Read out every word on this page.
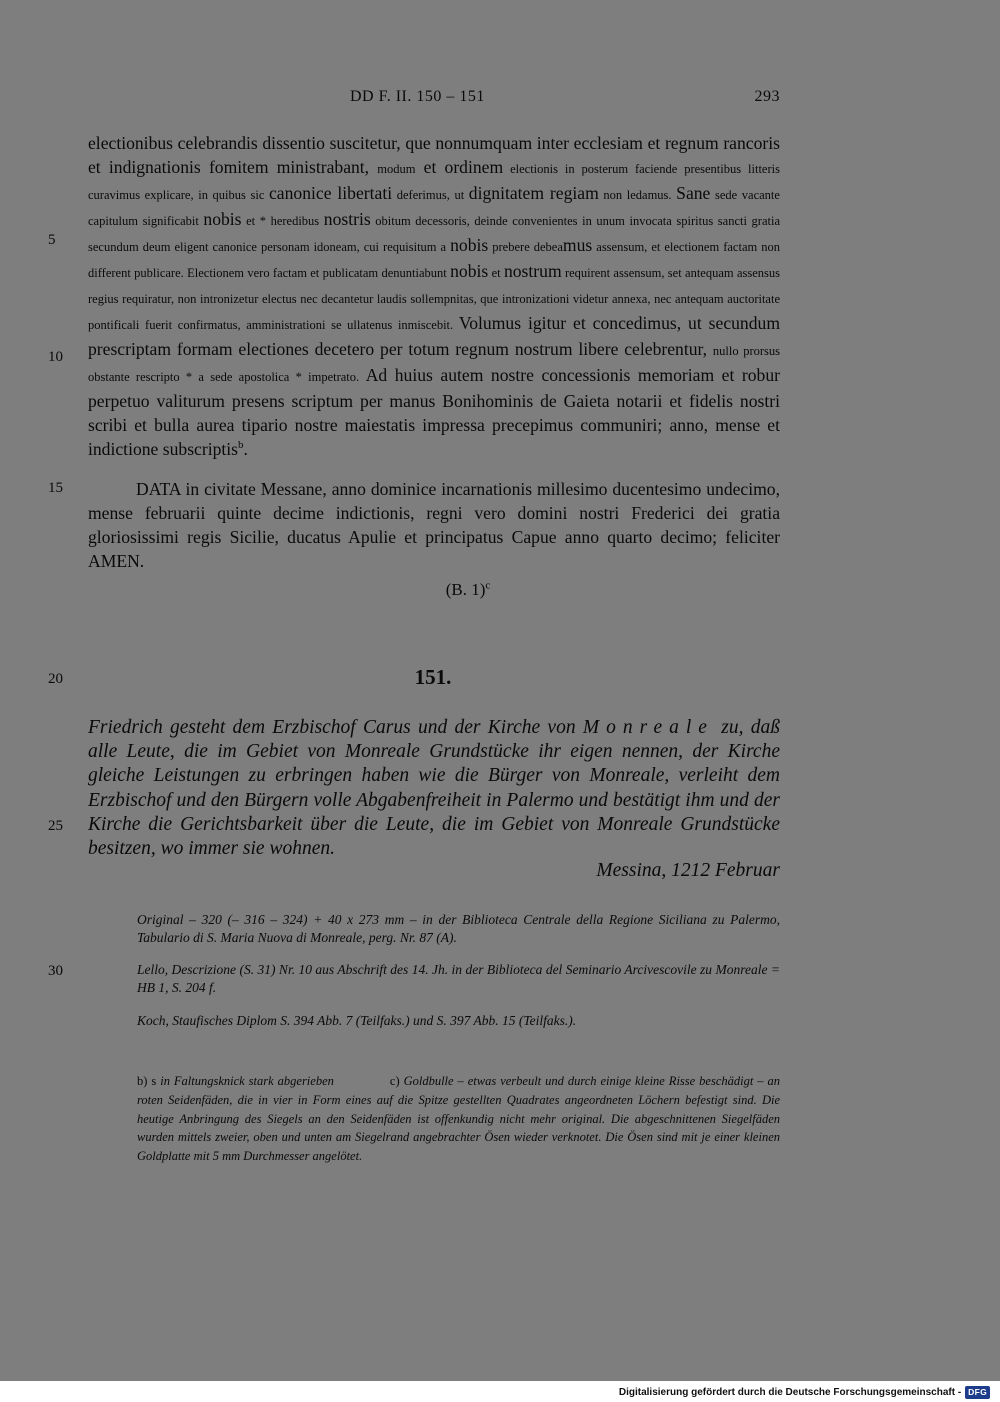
DD F. II. 150 – 151	293
5
10
15
20
25
30

electionibus celebrandis dissentio suscitetur, que nonnumquam inter ecclesiam et regnum rancoris et indignationis fomitem ministrabant, modum et ordinem electionis in posterum faciende presentibus litteris curavimus explicare, in quibus sic canonice libertati deferimus, ut dignitatem regiam non ledamus. Sane sede vacante capitulum significabit nobis et * heredibus nostris obitum decessoris, deinde convenientes in unum invocata spiritus sancti gratia secundum deum eligent canonice personam idoneam, cui requisitum a nobis prebere debeamus assensum, et electionem factam non different publicare. Electionem vero factam et publicatam denuntiabunt nobis et nostrum requirent assensum, set antequam assensus regius requiratur, non intronizetur electus nec decantetur laudis sollempnitas, que intronizationi videtur annexa, nec antequam auctoritate pontificali fuerit confirmatus, amministrationi se ullatenus inmiscebit. Volumus igitur et concedimus, ut secundum prescriptam formam electiones decetero per totum regnum nostrum libere celebrentur, nullo prorsus obstante rescripto * a sede apostolica * impetrato. Ad huius autem nostre concessionis memoriam et robur perpetuo valiturum presens scriptum per manus Bonihominis de Gaieta notarii et fidelis nostri scribi et bulla aurea tipario nostre maiestatis impressa precepimus communiri; anno, mense et indictione subscriptis$^b$.

DATA in civitate Messane, anno dominice incarnationis millesimo ducentesimo undecimo, mense februarii quinte decime indictionis, regni vero domini nostri Frederici dei gratia gloriosissimi regis Sicilie, ducatus Apulie et principatus Capue anno quarto decimo; feliciter AMEN.

(B. 1)$^c$
151.

Friedrich gesteht dem Erzbischof Carus und der Kirche von Monreale zu, daß alle Leute, die im Gebiet von Monreale Grundstücke ihr eigen nennen, der Kirche gleiche Leistungen zu erbringen haben wie die Bürger von Monreale, verleiht dem Erzbischof und den Bürgern volle Abgabenfreiheit in Palermo und bestätigt ihm und der Kirche die Gerichtsbarkeit über die Leute, die im Gebiet von Monreale Grundstücke besitzen, wo immer sie wohnen.

Messina, 1212 Februar

Original – 320 (– 316 – 324) + 40 x 273 mm – in der Biblioteca Centrale della Regione Siciliana zu Palermo, Tabulario di S. Maria Nuova di Monreale, perg. Nr. 87 (A).

Lello, Descrizione (S. 31) Nr. 10 aus Abschrift des 14. Jh. in der Biblioteca del Seminario Arcivescovile zu Monreale = HB 1, S. 204 f.

Koch, Staufisches Diplom S. 394 Abb. 7 (Teilfaks.) und S. 397 Abb. 15 (Teilfaks.).

b) s in Faltungsknick stark abgerieben	c) Goldbulle – etwas verbeult und durch einige kleine Risse beschädigt – an roten Seidenfäden, die in vier in Form eines auf die Spitze gestellten Quadrates angeordneten Löchern befestigt sind. Die heutige Anbringung des Siegels an den Seidenfäden ist offenkundig nicht mehr original. Die abgeschnittenen Siegelfäden wurden mittels zweier, oben und unten am Siegelrand angebrachter Ösen wieder verknotet. Die Ösen sind mit je einer kleinen Goldplatte mit 5 mm Durchmesser angelötet.

Digitalisierung gefördert durch die Deutsche Forschungsgemeinschaft - DFG
